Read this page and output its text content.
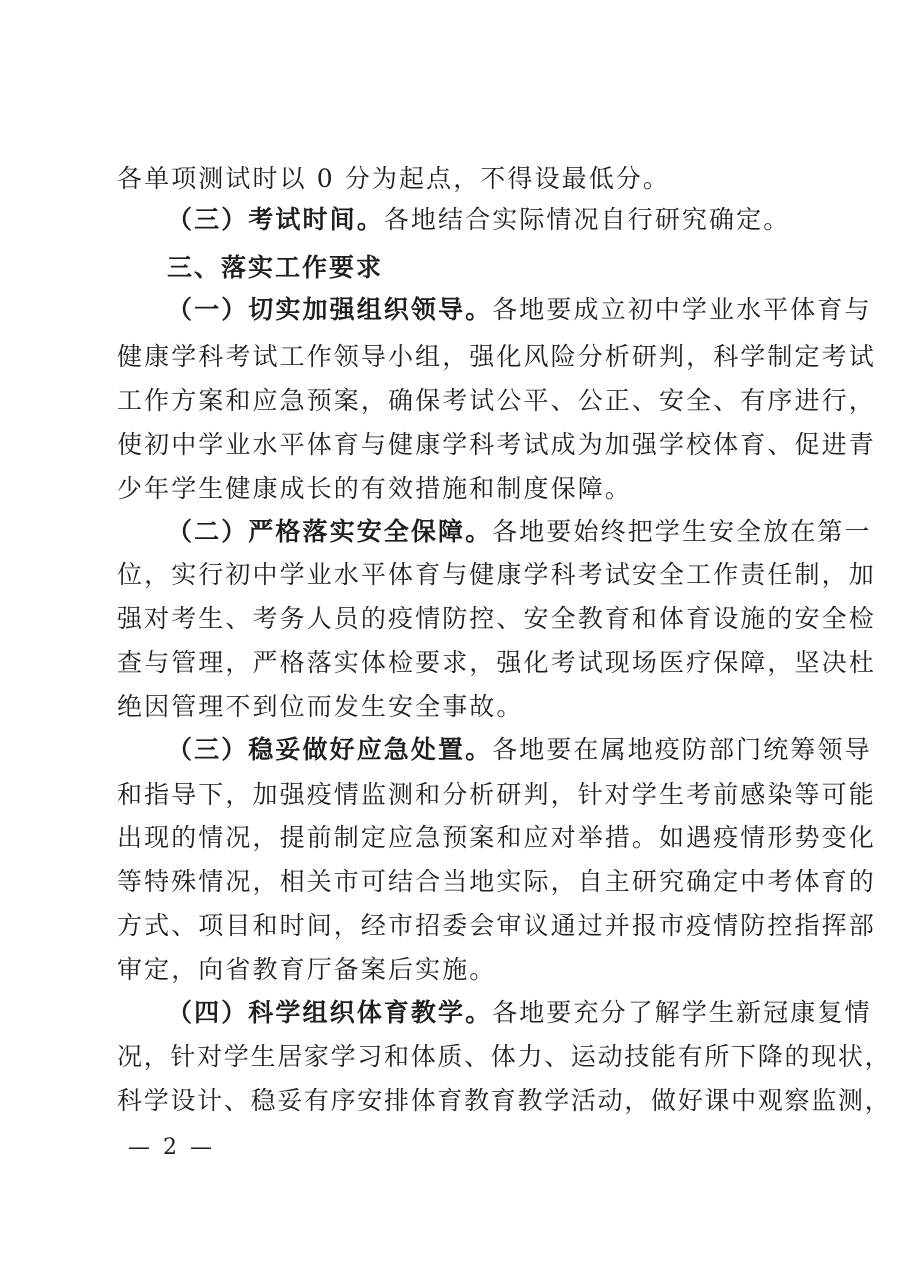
各单项测试时以 0 分为起点，不得设最低分。
（三）考试时间。各地结合实际情况自行研究确定。
三、落实工作要求
（一）切实加强组织领导。各地要成立初中学业水平体育与
健康学科考试工作领导小组，强化风险分析研判，科学制定考试
工作方案和应急预案，确保考试公平、公正、安全、有序进行，
使初中学业水平体育与健康学科考试成为加强学校体育、促进青
少年学生健康成长的有效措施和制度保障。
（二）严格落实安全保障。各地要始终把学生安全放在第一
位，实行初中学业水平体育与健康学科考试安全工作责任制，加
强对考生、考务人员的疫情防控、安全教育和体育设施的安全检
查与管理，严格落实体检要求，强化考试现场医疗保障，坚决杜
绝因管理不到位而发生安全事故。
（三）稳妥做好应急处置。各地要在属地疫防部门统筹领导
和指导下，加强疫情监测和分析研判，针对学生考前感染等可能
出现的情况，提前制定应急预案和应对举措。如遇疫情形势变化
等特殊情况，相关市可结合当地实际，自主研究确定中考体育的
方式、项目和时间，经市招委会审议通过并报市疫情防控指挥部
审定，向省教育厅备案后实施。
（四）科学组织体育教学。各地要充分了解学生新冠康复情
况，针对学生居家学习和体质、体力、运动技能有所下降的现状，
科学设计、稳妥有序安排体育教育教学活动，做好课中观察监测，
— 2 —
